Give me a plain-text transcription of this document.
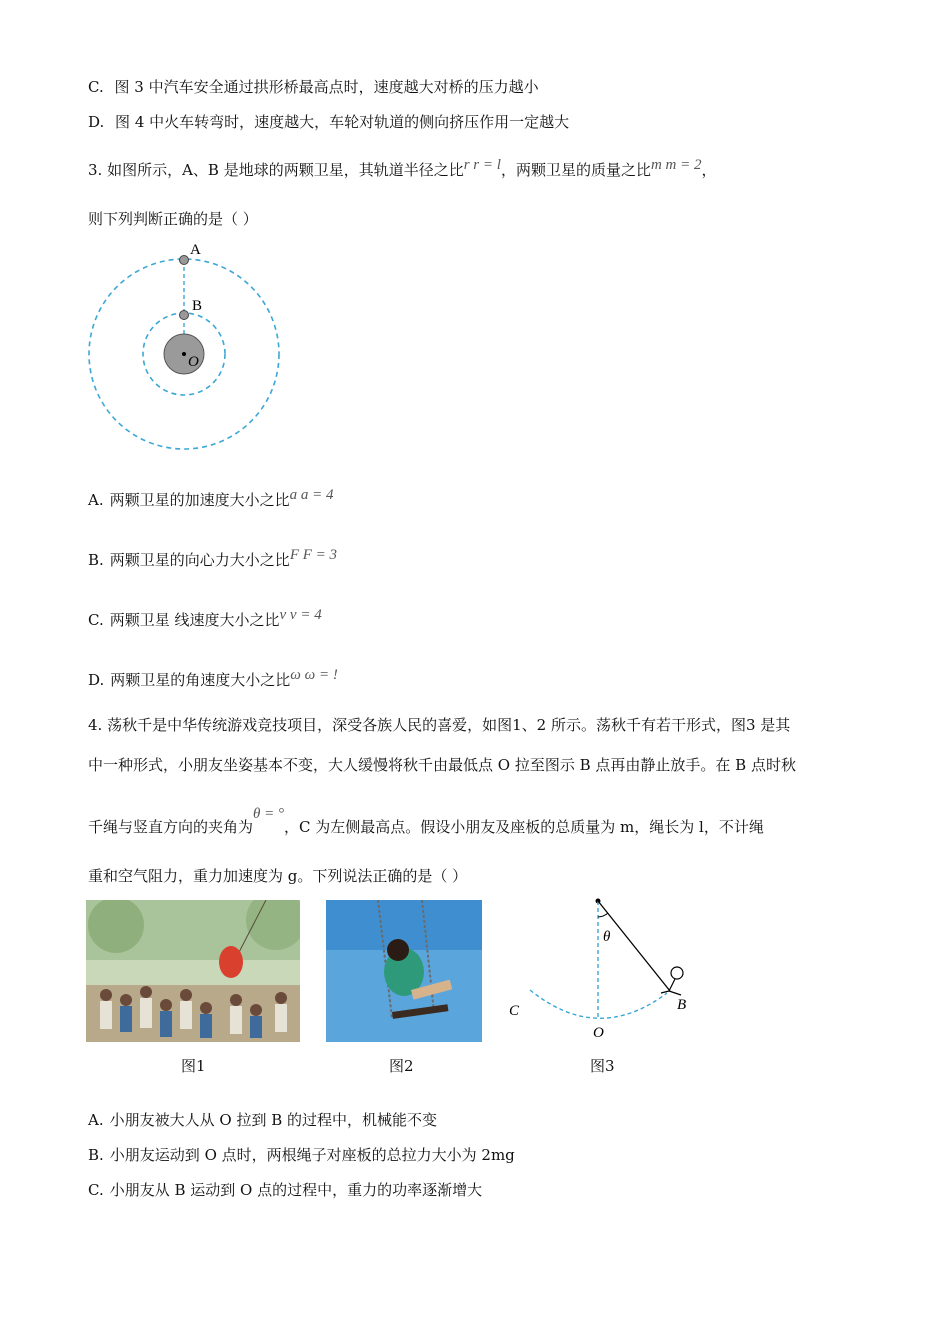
C. 图 3 中汽车安全通过拱形桥最高点时，速度越大对桥的压力越小
D. 图 4 中火车转弯时，速度越大，车轮对轨道的侧向挤压作用一定越大
3. 如图所示，A、B 是地球的两颗卫星，其轨道半径之比r r = l，两颗卫星的质量之比m m = 2，
则下列判断正确的是（ ）
A
B
O
A. 两颗卫星的加速度大小之比a a = 4
B. 两颗卫星的向心力大小之比F F = 3
C. 两颗卫星 线速度大小之比v v = 4
D. 两颗卫星的角速度大小之比ω ω = !
4. 荡秋千是中华传统游戏竞技项目，深受各族人民的喜爱，如图1、2 所示。荡秋千有若干形式，图3 是其
中一种形式，小朋友坐姿基本不变，大人缓慢将秋千由最低点 O 拉至图示 B 点再由静止放手。在 B 点时秋
千绳与竖直方向的夹角为θ = °，C 为左侧最高点。假设小朋友及座板的总质量为 m，绳长为 l，不计绳
重和空气阻力，重力加速度为 g。下列说法正确的是（ ）
图1	图2
θ
B
C
O
图3
A. 小朋友被大人从 O 拉到 B 的过程中，机械能不变
B. 小朋友运动到 O 点时，两根绳子对座板的总拉力大小为 2mg
C. 小朋友从 B 运动到 O 点的过程中，重力的功率逐渐增大
